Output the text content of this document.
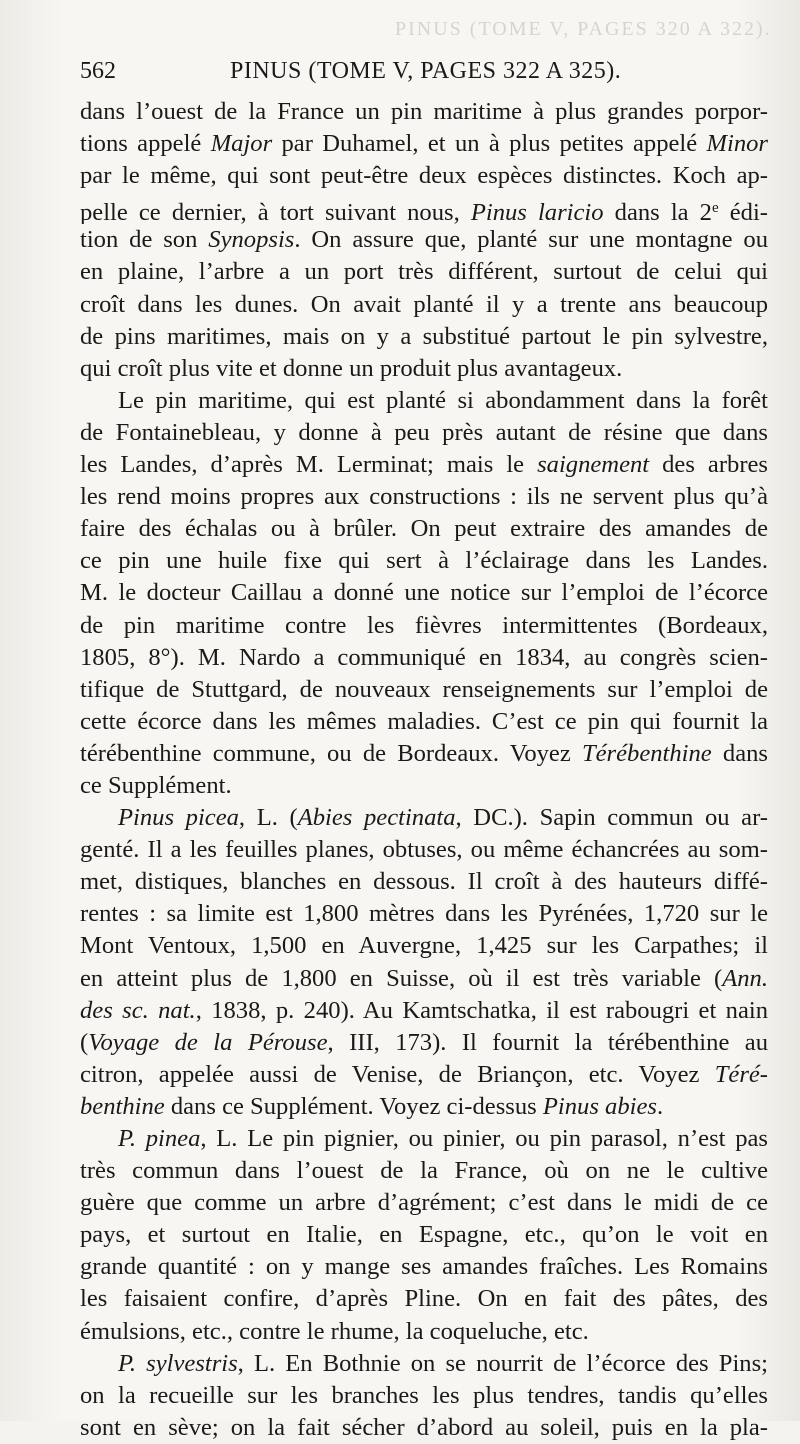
PINUS (TOME V, PAGES 320 A 322).
562	PINUS (TOME V, PAGES 322 A 325).
dans l’ouest de la France un pin maritime à plus grandes porpor-
tions appelé Major par Duhamel, et un à plus petites appelé Minor
par le même, qui sont peut-être deux espèces distinctes. Koch ap-
pelle ce dernier, à tort suivant nous, Pinus laricio dans la 2e édi-
tion de son Synopsis. On assure que, planté sur une montagne ou
en plaine, l’arbre a un port très différent, surtout de celui qui
croît dans les dunes. On avait planté il y a trente ans beaucoup
de pins maritimes, mais on y a substitué partout le pin sylvestre,
qui croît plus vite et donne un produit plus avantageux.
Le pin maritime, qui est planté si abondamment dans la forêt
de Fontainebleau, y donne à peu près autant de résine que dans
les Landes, d’après M. Lerminat; mais le saignement des arbres
les rend moins propres aux constructions : ils ne servent plus qu’à
faire des échalas ou à brûler. On peut extraire des amandes de
ce pin une huile fixe qui sert à l’éclairage dans les Landes.
M. le docteur Caillau a donné une notice sur l’emploi de l’écorce
de pin maritime contre les fièvres intermittentes (Bordeaux,
1805, 8°). M. Nardo a communiqué en 1834, au congrès scien-
tifique de Stuttgard, de nouveaux renseignements sur l’emploi de
cette écorce dans les mêmes maladies. C’est ce pin qui fournit la
térébenthine commune, ou de Bordeaux. Voyez Térébenthine dans
ce Supplément.
Pinus picea, L. (Abies pectinata, DC.). Sapin commun ou ar-
genté. Il a les feuilles planes, obtuses, ou même échancrées au som-
met, distiques, blanches en dessous. Il croît à des hauteurs diffé-
rentes : sa limite est 1,800 mètres dans les Pyrénées, 1,720 sur le
Mont Ventoux, 1,500 en Auvergne, 1,425 sur les Carpathes; il
en atteint plus de 1,800 en Suisse, où il est très variable (Ann.
des sc. nat., 1838, p. 240). Au Kamtschatka, il est rabougri et nain
(Voyage de la Pérouse, III, 173). Il fournit la térébenthine au
citron, appelée aussi de Venise, de Briançon, etc. Voyez Téré-
benthine dans ce Supplément. Voyez ci-dessus Pinus abies.
P. pinea, L. Le pin pignier, ou pinier, ou pin parasol, n’est pas
très commun dans l’ouest de la France, où on ne le cultive
guère que comme un arbre d’agrément; c’est dans le midi de ce
pays, et surtout en Italie, en Espagne, etc., qu’on le voit en
grande quantité : on y mange ses amandes fraîches. Les Romains
les faisaient confire, d’après Pline. On en fait des pâtes, des
émulsions, etc., contre le rhume, la coqueluche, etc.
P. sylvestris, L. En Bothnie on se nourrit de l’écorce des Pins;
on la recueille sur les branches les plus tendres, tandis qu’elles
sont en sève; on la fait sécher d’abord au soleil, puis en la pla-
